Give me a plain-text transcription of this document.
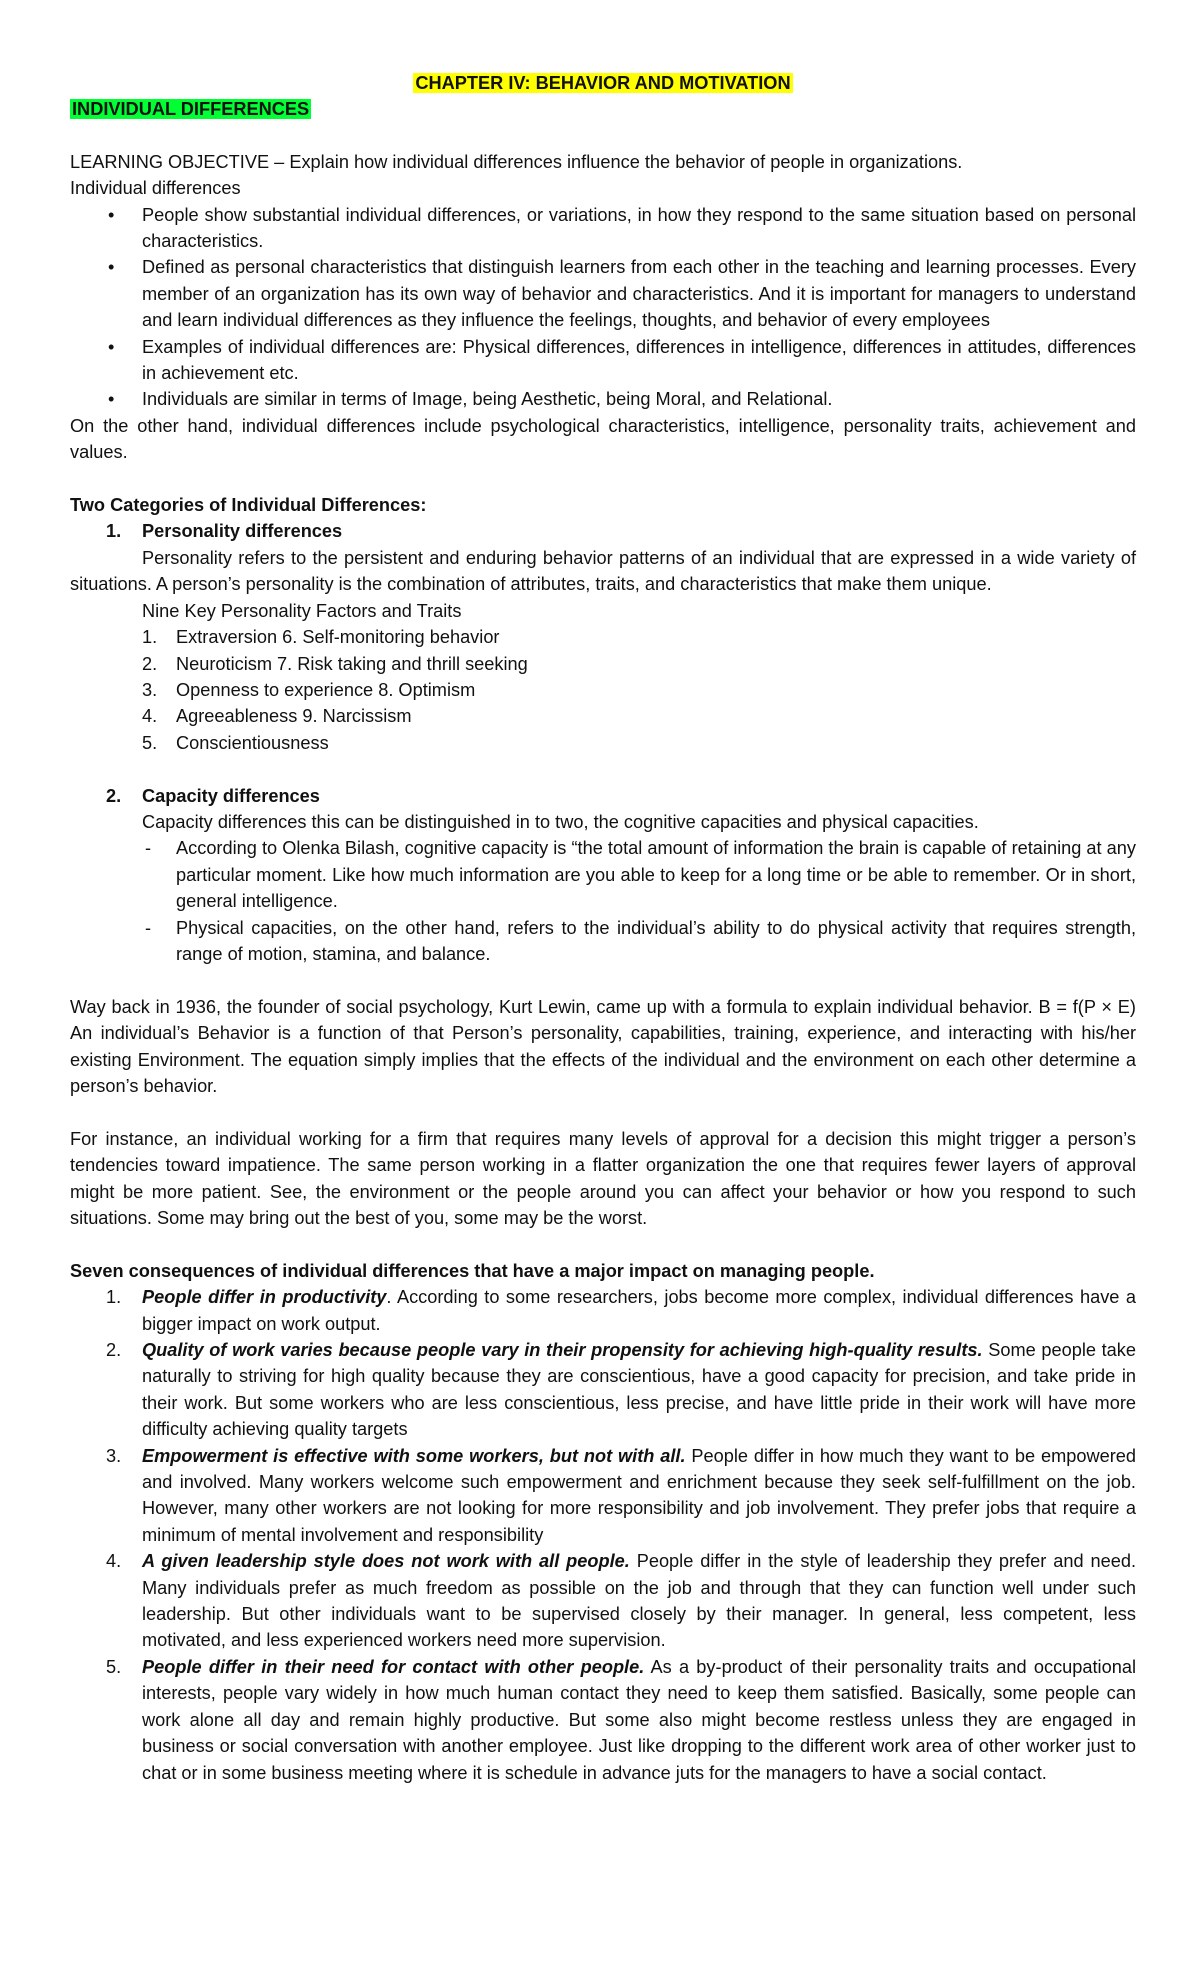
CHAPTER IV: BEHAVIOR AND MOTIVATION

INDIVIDUAL DIFFERENCES

LEARNING OBJECTIVE – Explain how individual differences influence the behavior of people in organizations.

Individual differences

• People show substantial individual differences, or variations, in how they respond to the same situation based on personal characteristics.
• Defined as personal characteristics that distinguish learners from each other in the teaching and learning processes. Every member of an organization has its own way of behavior and characteristics. And it is important for managers to understand and learn individual differences as they influence the feelings, thoughts, and behavior of every employees
• Examples of individual differences are: Physical differences, differences in intelligence, differences in attitudes, differences in achievement etc.
• Individuals are similar in terms of Image, being Aesthetic, being Moral, and Relational.

On the other hand, individual differences include psychological characteristics, intelligence, personality traits, achievement and values.

Two Categories of Individual Differences:

1. Personality differences

Personality refers to the persistent and enduring behavior patterns of an individual that are expressed in a wide variety of situations. A person’s personality is the combination of attributes, traits, and characteristics that make them unique.

Nine Key Personality Factors and Traits

1. Extraversion 6. Self-monitoring behavior
2. Neuroticism 7. Risk taking and thrill seeking
3. Openness to experience 8. Optimism
4. Agreeableness 9. Narcissism
5. Conscientiousness
2. Capacity differences

Capacity differences this can be distinguished in to two, the cognitive capacities and physical capacities.

- According to Olenka Bilash, cognitive capacity is “the total amount of information the brain is capable of retaining at any particular moment. Like how much information are you able to keep for a long time or be able to remember. Or in short, general intelligence.
- Physical capacities, on the other hand, refers to the individual’s ability to do physical activity that requires strength, range of motion, stamina, and balance.

Way back in 1936, the founder of social psychology, Kurt Lewin, came up with a formula to explain individual behavior. B = f(P × E) An individual’s Behavior is a function of that Person’s personality, capabilities, training, experience, and interacting with his/her existing Environment. The equation simply implies that the effects of the individual and the environment on each other determine a person’s behavior.

For instance, an individual working for a firm that requires many levels of approval for a decision this might trigger a person’s tendencies toward impatience. The same person working in a flatter organization the one that requires fewer layers of approval might be more patient. See, the environment or the people around you can affect your behavior or how you respond to such situations. Some may bring out the best of you, some may be the worst.

Seven consequences of individual differences that have a major impact on managing people.

1. People differ in productivity. According to some researchers, jobs become more complex, individual differences have a bigger impact on work output.
2. Quality of work varies because people vary in their propensity for achieving high-quality results. Some people take naturally to striving for high quality because they are conscientious, have a good capacity for precision, and take pride in their work. But some workers who are less conscientious, less precise, and have little pride in their work will have more difficulty achieving quality targets
3. Empowerment is effective with some workers, but not with all. People differ in how much they want to be empowered and involved. Many workers welcome such empowerment and enrichment because they seek self-fulfillment on the job. However, many other workers are not looking for more responsibility and job involvement. They prefer jobs that require a minimum of mental involvement and responsibility
4. A given leadership style does not work with all people. People differ in the style of leadership they prefer and need. Many individuals prefer as much freedom as possible on the job and through that they can function well under such leadership. But other individuals want to be supervised closely by their manager. In general, less competent, less motivated, and less experienced workers need more supervision.
5. People differ in their need for contact with other people. As a by-product of their personality traits and occupational interests, people vary widely in how much human contact they need to keep them satisfied. Basically, some people can work alone all day and remain highly productive. But some also might become restless unless they are engaged in business or social conversation with another employee. Just like dropping to the different work area of other worker just to chat or in some business meeting where it is schedule in advance juts for the managers to have a social contact.
